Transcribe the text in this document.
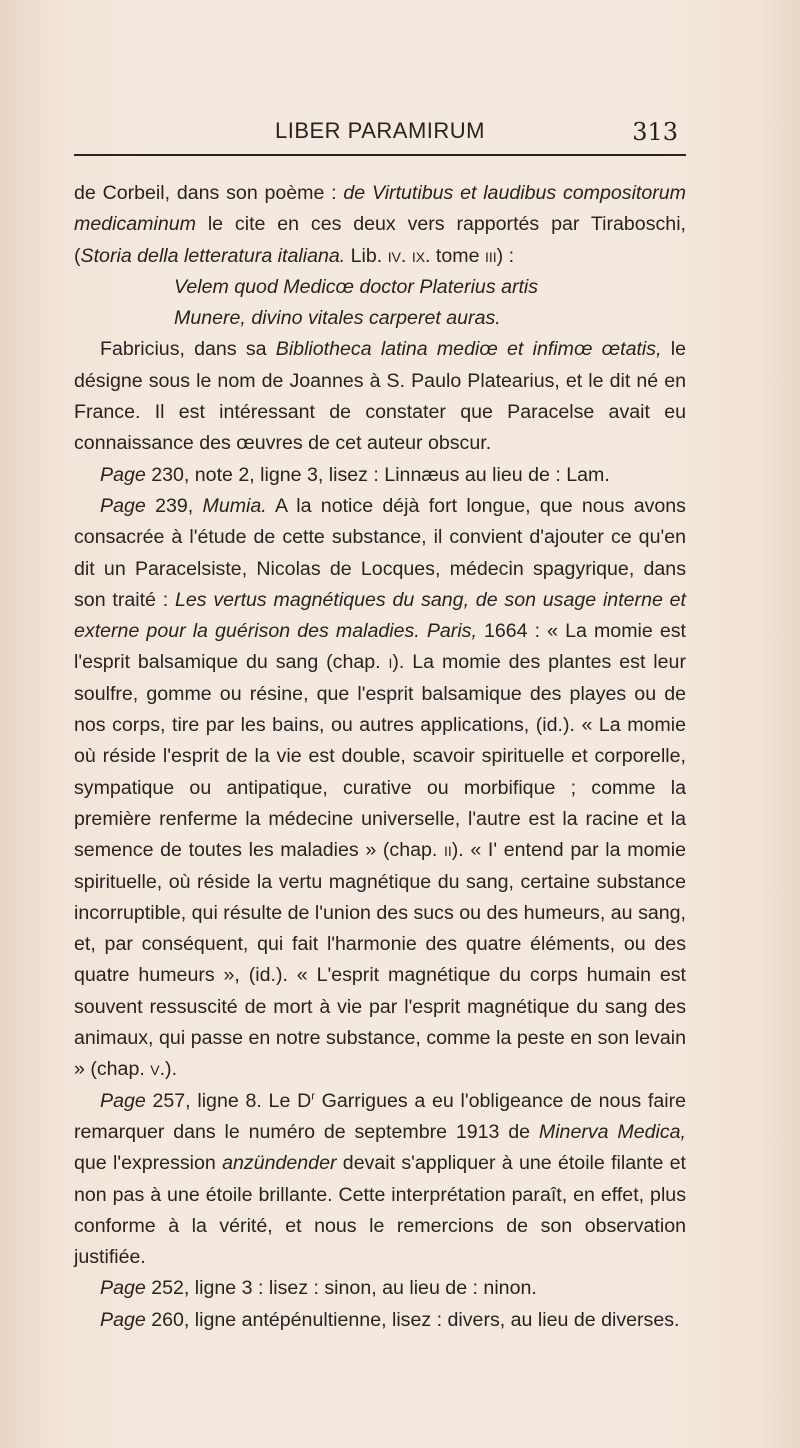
LIBER PARAMIRUM	313

de Corbeil, dans son poème : de Virtutibus et laudibus compositorum medicaminum le cite en ces deux vers rapportés par Tiraboschi, (Storia della letteratura italiana. Lib. iv. ix. tome iii) :

Velem quod Medicœ doctor Platerius artis

Munere, divino vitales carperet auras.

Fabricius, dans sa Bibliotheca latina mediœ et infimœ œtatis, le désigne sous le nom de Joannes à S. Paulo Platearius, et le dit né en France. Il est intéressant de constater que Paracelse avait eu connaissance des œuvres de cet auteur obscur.

Page 230, note 2, ligne 3, lisez : Linnæus au lieu de : Lam.

Page 239, Mumia. A la notice déjà fort longue, que nous avons consacrée à l'étude de cette substance, il convient d'ajouter ce qu'en dit un Paracelsiste, Nicolas de Locques, médecin spagyrique, dans son traité : Les vertus magnétiques du sang, de son usage interne et externe pour la guérison des maladies. Paris, 1664 : « La momie est l'esprit balsamique du sang (chap. i). La momie des plantes est leur soulfre, gomme ou résine, que l'esprit balsamique des playes ou de nos corps, tire par les bains, ou autres applications, (id.). « La momie où réside l'esprit de la vie est double, scavoir spirituelle et corporelle, sympatique ou antipatique, curative ou morbifique ; comme la première renferme la médecine universelle, l'autre est la racine et la semence de toutes les maladies » (chap. ii). « I' entend par la momie spirituelle, où réside la vertu magnétique du sang, certaine substance incorruptible, qui résulte de l'union des sucs ou des humeurs, au sang, et, par conséquent, qui fait l'harmonie des quatre éléments, ou des quatre humeurs », (id.). « L'esprit magnétique du corps humain est souvent ressuscité de mort à vie par l'esprit magnétique du sang des animaux, qui passe en notre substance, comme la peste en son levain » (chap. v.).

Page 257, ligne 8. Le $D^r$ Garrigues a eu l'obligeance de nous faire remarquer dans le numéro de septembre 1913 de Minerva Medica, que l'expression anzündender devait s'appliquer à une étoile filante et non pas à une étoile brillante. Cette interprétation paraît, en effet, plus conforme à la vérité, et nous le remercions de son observation justifiée.

Page 252, ligne 3 : lisez : sinon, au lieu de : ninon.

Page 260, ligne antépénultienne, lisez : divers, au lieu de diverses.
